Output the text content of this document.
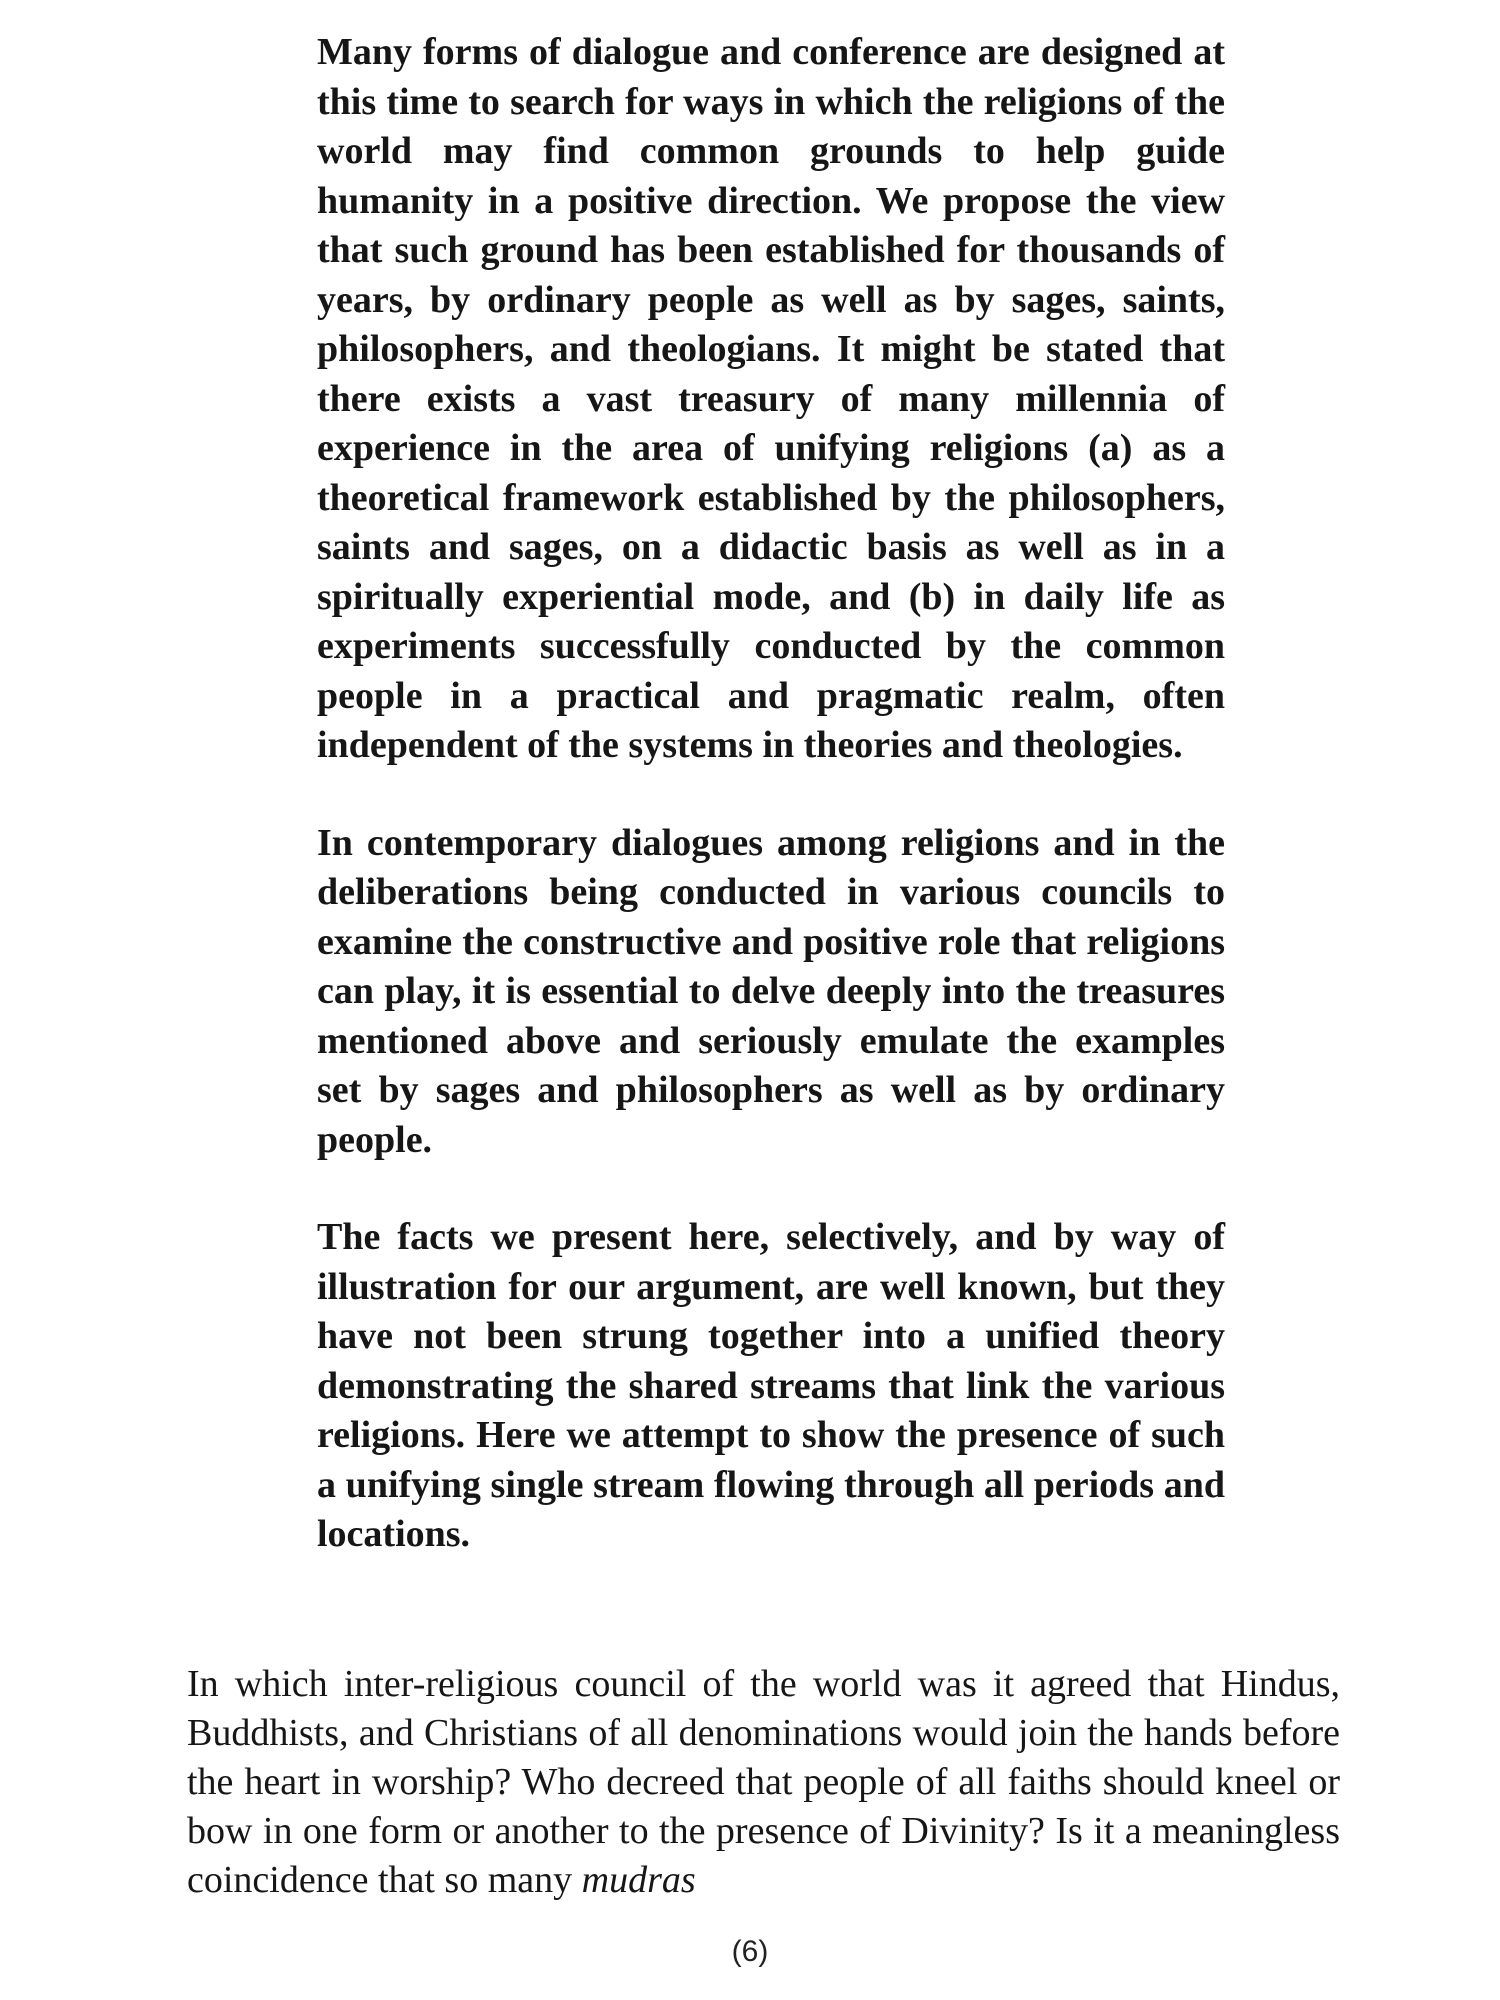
Many forms of dialogue and conference are designed at this time to search for ways in which the religions of the world may find common grounds to help guide humanity in a positive direction. We propose the view that such ground has been established for thousands of years, by ordinary people as well as by sages, saints, philosophers, and theologians. It might be stated that there exists a vast treasury of many millennia of experience in the area of unifying religions (a) as a theoretical framework established by the philosophers, saints and sages, on a didactic basis as well as in a spiritually experiential mode, and (b) in daily life as experiments successfully conducted by the common people in a practical and pragmatic realm, often independent of the systems in theories and theologies.

In contemporary dialogues among religions and in the deliberations being conducted in various councils to examine the constructive and positive role that religions can play, it is essential to delve deeply into the treasures mentioned above and seriously emulate the examples set by sages and philosophers as well as by ordinary people.

The facts we present here, selectively, and by way of illustration for our argument, are well known, but they have not been strung together into a unified theory demonstrating the shared streams that link the various religions. Here we attempt to show the presence of such a unifying single stream flowing through all periods and locations.

In which inter-religious council of the world was it agreed that Hindus, Buddhists, and Christians of all denominations would join the hands before the heart in worship? Who decreed that people of all faiths should kneel or bow in one form or another to the presence of Divinity? Is it a meaningless coincidence that so many mudras

(6)
